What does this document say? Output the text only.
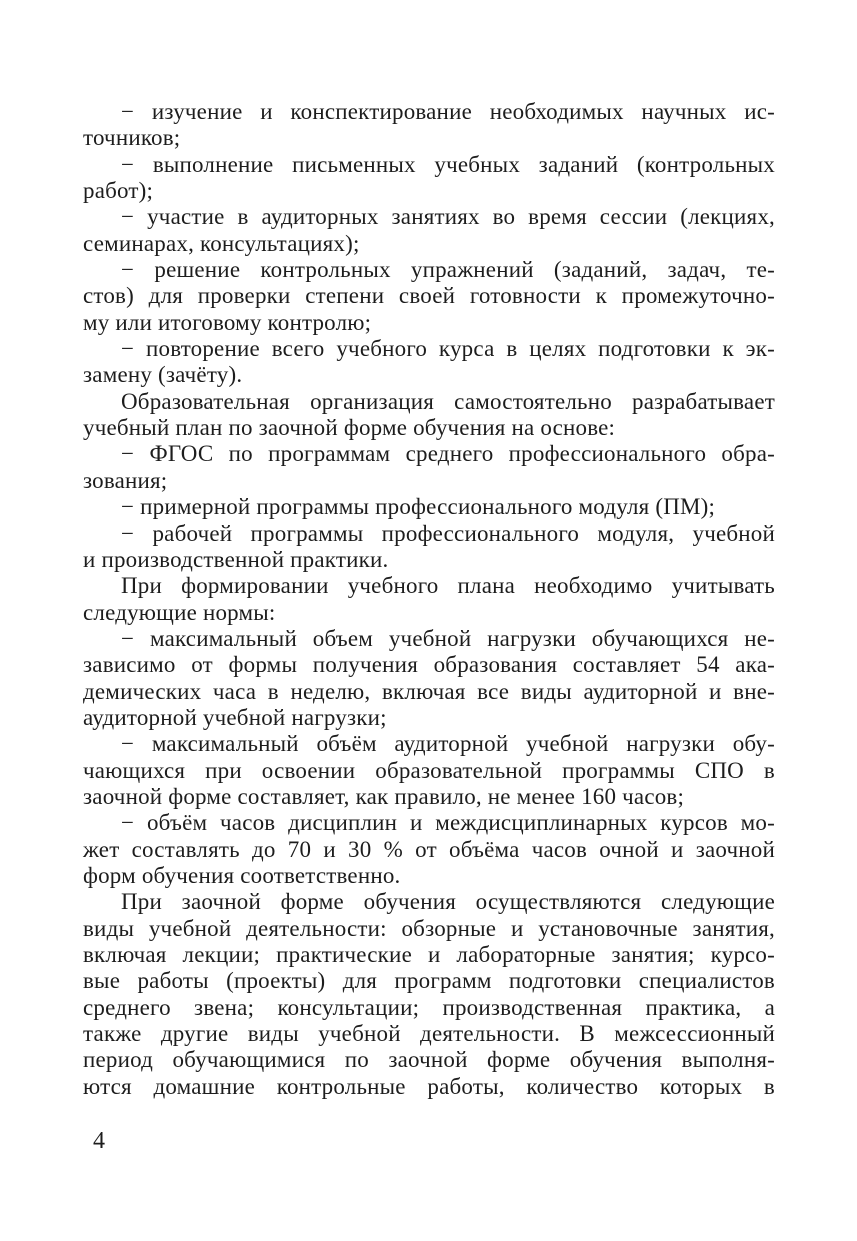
− изучение и конспектирование необходимых научных ис-
точников;
− выполнение письменных учебных заданий (контрольных
работ);
− участие в аудиторных занятиях во время сессии (лекциях,
семинарах, консультациях);
− решение контрольных упражнений (заданий, задач, те-
стов) для проверки степени своей готовности к промежуточно-
му или итоговому контролю;
− повторение всего учебного курса в целях подготовки к эк-
замену (зачёту).
Образовательная организация самостоятельно разрабатывает
учебный план по заочной форме обучения на основе:
− ФГОС по программам среднего профессионального обра-
зования;
− примерной программы профессионального модуля (ПМ);
− рабочей программы профессионального модуля, учебной
и производственной практики.
При формировании учебного плана необходимо учитывать
следующие нормы:
− максимальный объем учебной нагрузки обучающихся не-
зависимо от формы получения образования составляет 54 ака-
демических часа в неделю, включая все виды аудиторной и вне-
аудиторной учебной нагрузки;
− максимальный объём аудиторной учебной нагрузки обу-
чающихся при освоении образовательной программы СПО в
заочной форме составляет, как правило, не менее 160 часов;
− объём часов дисциплин и междисциплинарных курсов мо-
жет составлять до 70 и 30 % от объёма часов очной и заочной
форм обучения соответственно.
При заочной форме обучения осуществляются следующие
виды учебной деятельности: обзорные и установочные занятия,
включая лекции; практические и лабораторные занятия; курсо-
вые работы (проекты) для программ подготовки специалистов
среднего звена; консультации; производственная практика, а
также другие виды учебной деятельности. В межсессионный
период обучающимися по заочной форме обучения выполня-
ются домашние контрольные работы, количество которых в
4
